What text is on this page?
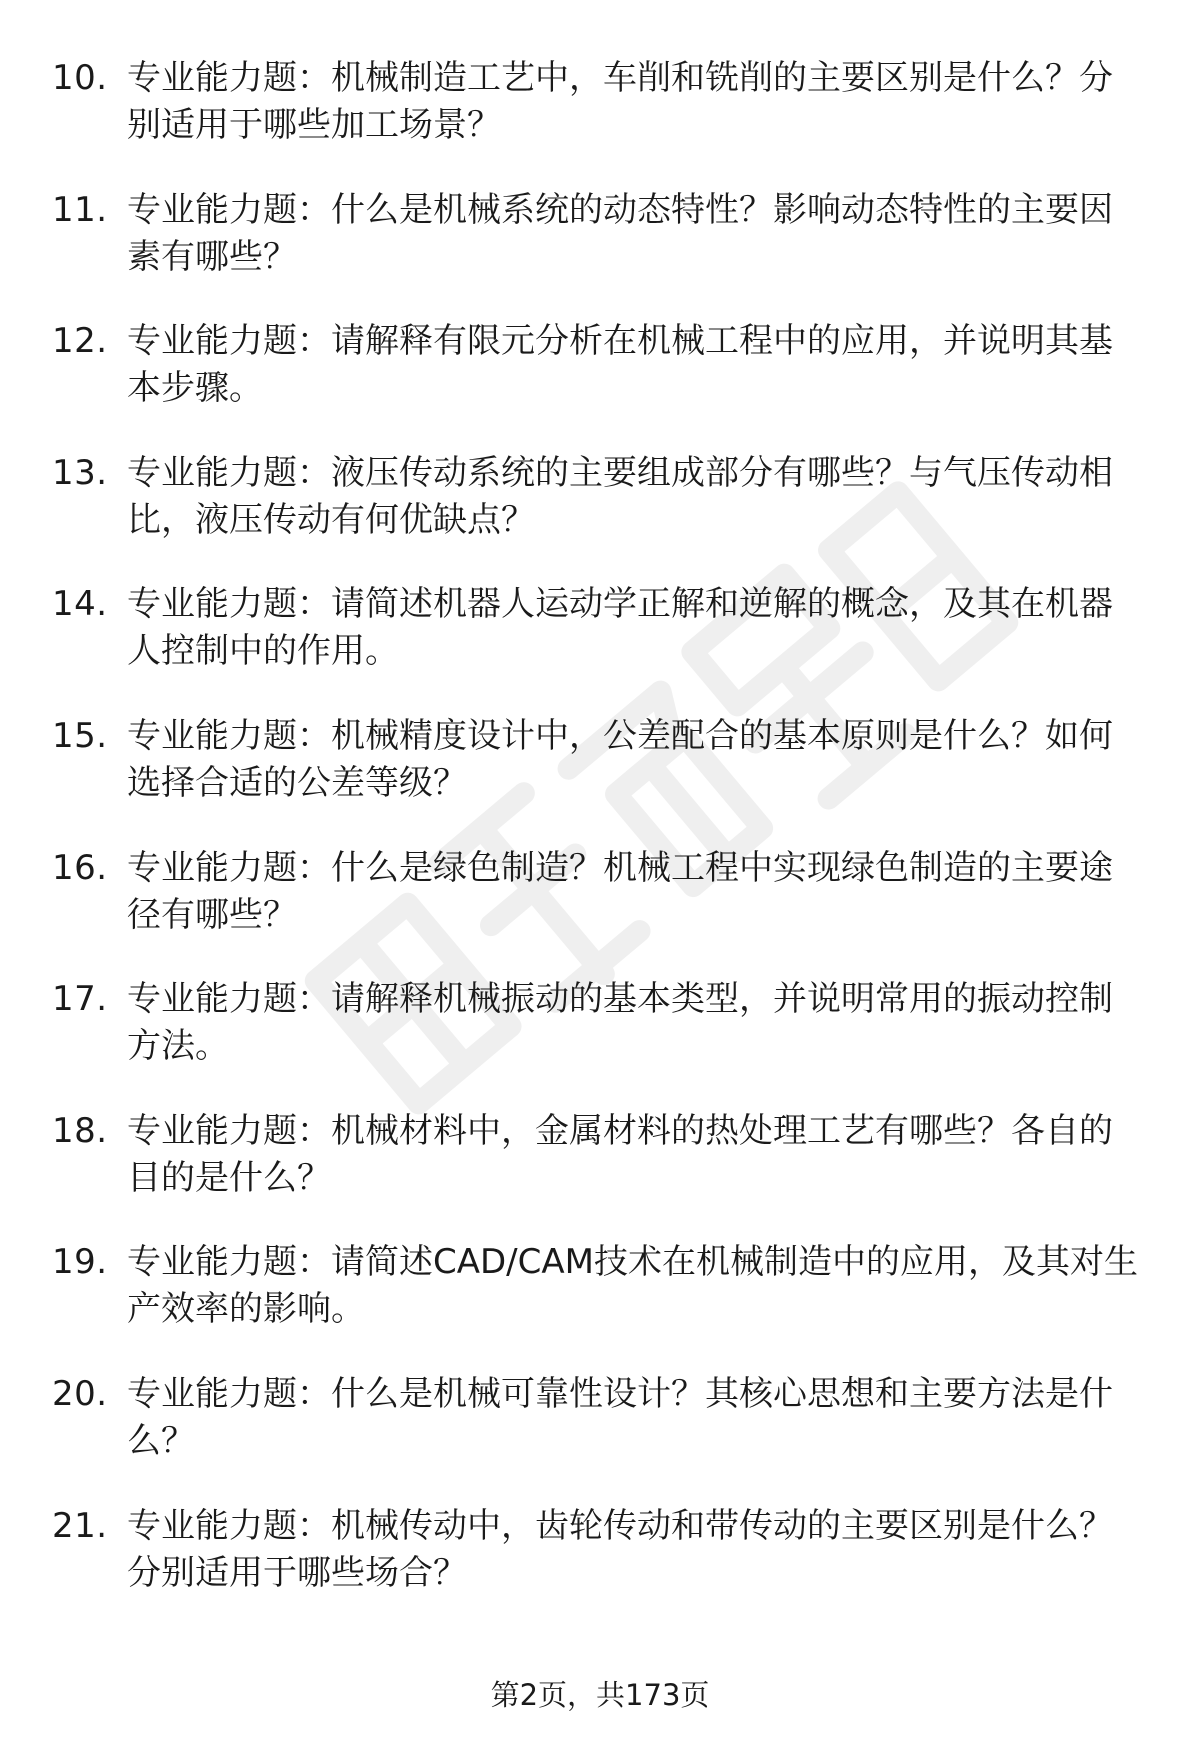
10. 专业能力题：机械制造工艺中，车削和铣削的主要区别是什么？分别适用于哪些加工场景？
11. 专业能力题：什么是机械系统的动态特性？影响动态特性的主要因素有哪些？
12. 专业能力题：请解释有限元分析在机械工程中的应用，并说明其基本步骤。
13. 专业能力题：液压传动系统的主要组成部分有哪些？与气压传动相比，液压传动有何优缺点？
14. 专业能力题：请简述机器人运动学正解和逆解的概念，及其在机器人控制中的作用。
15. 专业能力题：机械精度设计中，公差配合的基本原则是什么？如何选择合适的公差等级？
16. 专业能力题：什么是绿色制造？机械工程中实现绿色制造的主要途径有哪些？
17. 专业能力题：请解释机械振动的基本类型，并说明常用的振动控制方法。
18. 专业能力题：机械材料中，金属材料的热处理工艺有哪些？各自的目的是什么？
19. 专业能力题：请简述CAD/CAM技术在机械制造中的应用，及其对生产效率的影响。
20. 专业能力题：什么是机械可靠性设计？其核心思想和主要方法是什么？
21. 专业能力题：机械传动中，齿轮传动和带传动的主要区别是什么？分别适用于哪些场合？
第2页，共173页
